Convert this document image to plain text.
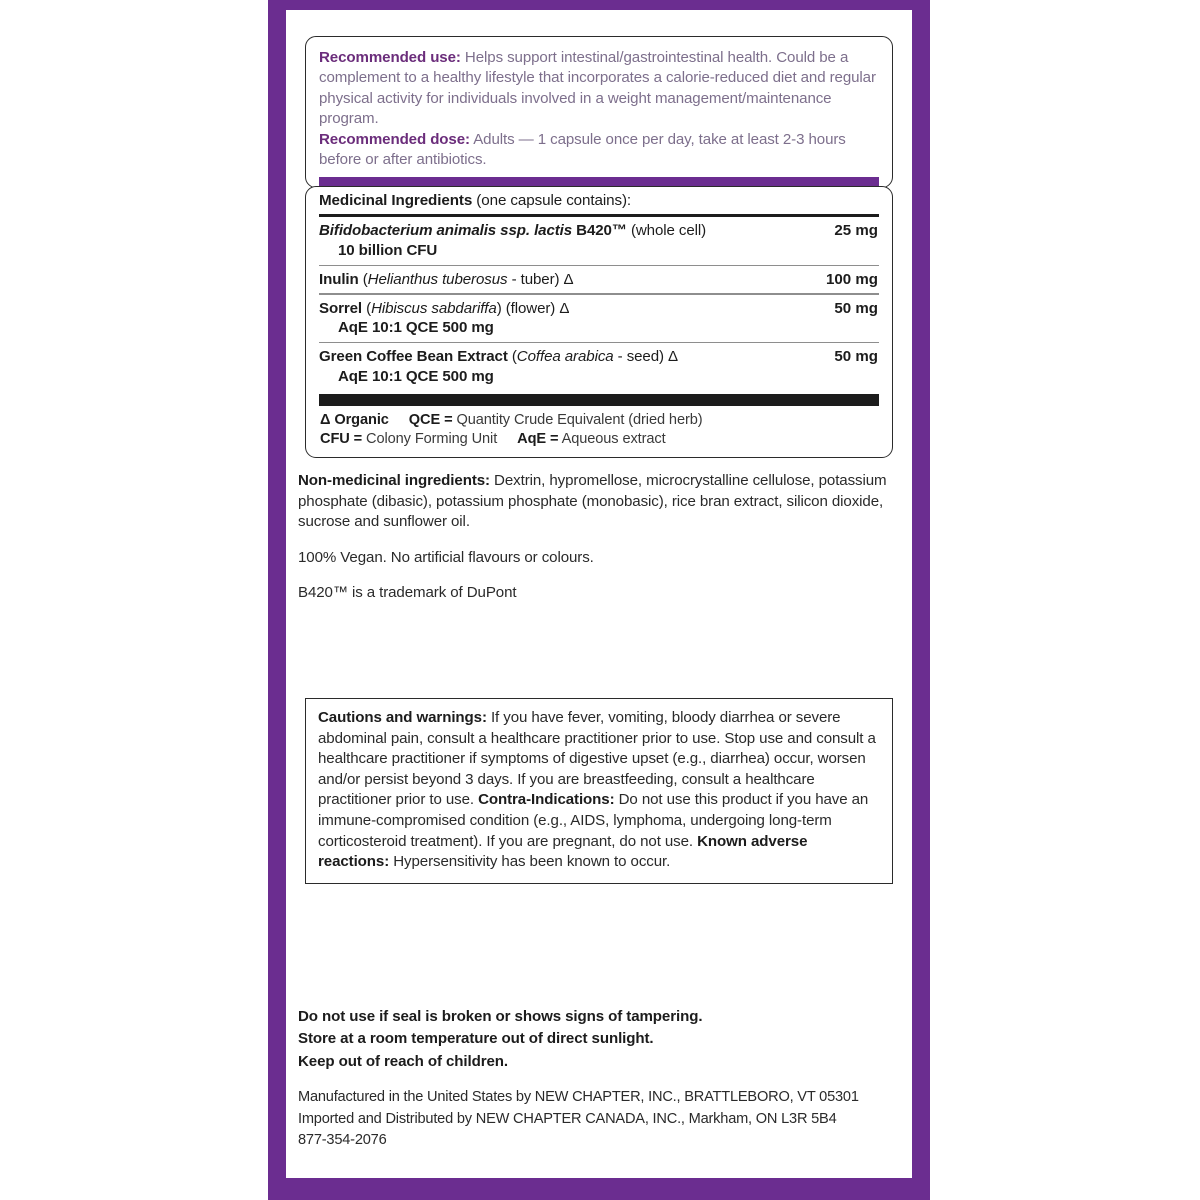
Recommended use: Helps support intestinal/gastrointestinal health. Could be a complement to a healthy lifestyle that incorporates a calorie-reduced diet and regular physical activity for individuals involved in a weight management/maintenance program.

Recommended dose: Adults — 1 capsule once per day, take at least 2-3 hours before or after antibiotics.

Medicinal Ingredients (one capsule contains):
Bifidobacterium animalis ssp. lactis B420™ (whole cell)
10 billion CFU
25 mg
Inulin (Helianthus tuberosus - tuber) Δ	100 mg
Sorrel (Hibiscus sabdariffa) (flower) Δ
AqE 10:1 QCE 500 mg
50 mg
Green Coffee Bean Extract (Coffea arabica - seed) Δ
AqE 10:1 QCE 500 mg
50 mg
Δ Organic QCE = Quantity Crude Equivalent (dried herb)
CFU = Colony Forming Unit AqE = Aqueous extract

Non-medicinal ingredients: Dextrin, hypromellose, microcrystalline cellulose, potassium phosphate (dibasic), potassium phosphate (monobasic), rice bran extract, silicon dioxide, sucrose and sunflower oil.

100% Vegan. No artificial flavours or colours.

B420™ is a trademark of DuPont

Cautions and warnings: If you have fever, vomiting, bloody diarrhea or severe abdominal pain, consult a healthcare practitioner prior to use. Stop use and consult a healthcare practitioner if symptoms of digestive upset (e.g., diarrhea) occur, worsen and/or persist beyond 3 days. If you are breastfeeding, consult a healthcare practitioner prior to use. Contra-Indications: Do not use this product if you have an immune-compromised condition (e.g., AIDS, lymphoma, undergoing long-term corticosteroid treatment). If you are pregnant, do not use. Known adverse reactions: Hypersensitivity has been known to occur.

Do not use if seal is broken or shows signs of tampering.
Store at a room temperature out of direct sunlight.
Keep out of reach of children.
Manufactured in the United States by NEW CHAPTER, INC., BRATTLEBORO, VT 05301
Imported and Distributed by NEW CHAPTER CANADA, INC., Markham, ON L3R 5B4
877-354-2076
